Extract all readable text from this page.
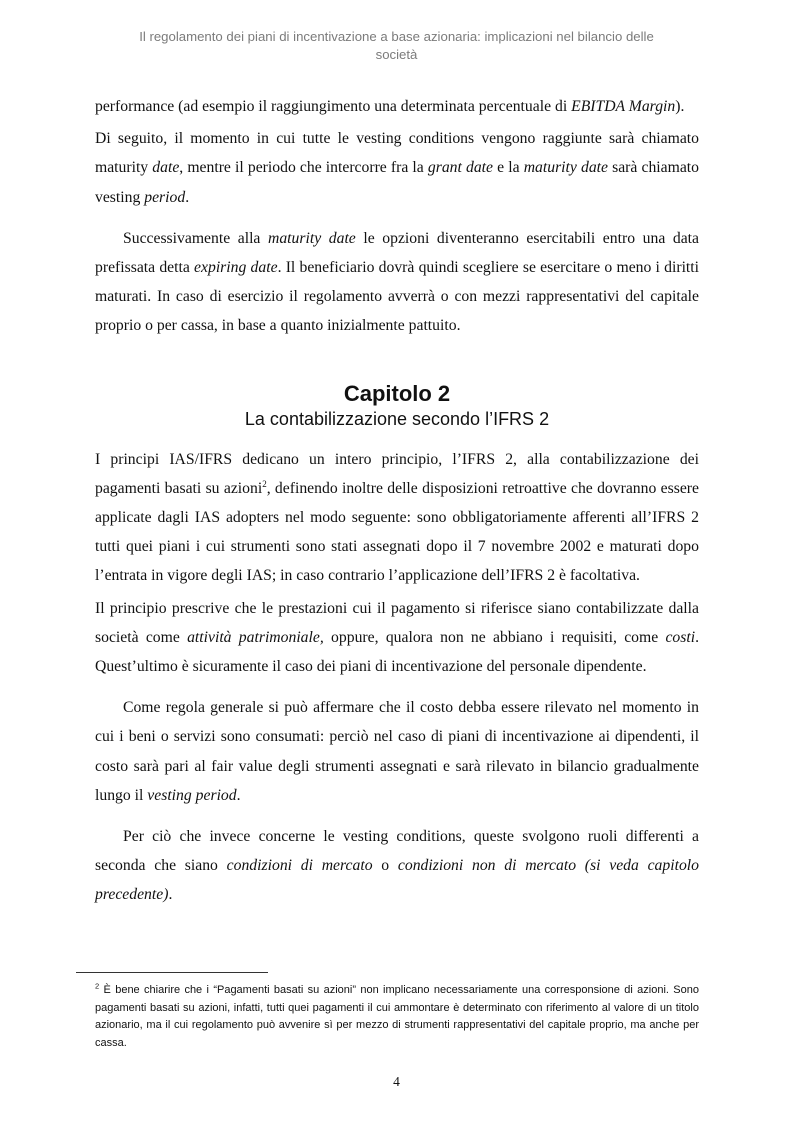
Il regolamento dei piani di incentivazione a base azionaria: implicazioni nel bilancio delle
società

performance (ad esempio il raggiungimento una determinata percentuale di EBITDA Margin).

Di seguito, il momento in cui tutte le vesting conditions vengono raggiunte sarà chiamato maturity date, mentre il periodo che intercorre fra la grant date e la maturity date sarà chiamato vesting period.

Successivamente alla maturity date le opzioni diventeranno esercitabili entro una data prefissata detta expiring date. Il beneficiario dovrà quindi scegliere se esercitare o meno i diritti maturati. In caso di esercizio il regolamento avverrà o con mezzi rappresentativi del capitale proprio o per cassa, in base a quanto inizialmente pattuito.

Capitolo 2
La contabilizzazione secondo l’IFRS 2

I principi IAS/IFRS dedicano un intero principio, l’IFRS 2, alla contabilizzazione dei pagamenti basati su azioni$^2$, definendo inoltre delle disposizioni retroattive che dovranno essere applicate dagli IAS adopters nel modo seguente: sono obbligatoriamente afferenti all’IFRS 2 tutti quei piani i cui strumenti sono stati assegnati dopo il 7 novembre 2002 e maturati dopo l’entrata in vigore degli IAS; in caso contrario l’applicazione dell’IFRS 2 è facoltativa.

Il principio prescrive che le prestazioni cui il pagamento si riferisce siano contabilizzate dalla società come attività patrimoniale, oppure, qualora non ne abbiano i requisiti, come costi. Quest’ultimo è sicuramente il caso dei piani di incentivazione del personale dipendente.

Come regola generale si può affermare che il costo debba essere rilevato nel momento in cui i beni o servizi sono consumati: perciò nel caso di piani di incentivazione ai dipendenti, il costo sarà pari al fair value degli strumenti assegnati e sarà rilevato in bilancio gradualmente lungo il vesting period.

Per ciò che invece concerne le vesting conditions, queste svolgono ruoli differenti a seconda che siano condizioni di mercato o condizioni non di mercato (si veda capitolo precedente).

$^2$ È bene chiarire che i “Pagamenti basati su azioni” non implicano necessariamente una corresponsione di azioni. Sono pagamenti basati su azioni, infatti, tutti quei pagamenti il cui ammontare è determinato con riferimento al valore di un titolo azionario, ma il cui regolamento può avvenire sì per mezzo di strumenti rappresentativi del capitale proprio, ma anche per cassa.
4
